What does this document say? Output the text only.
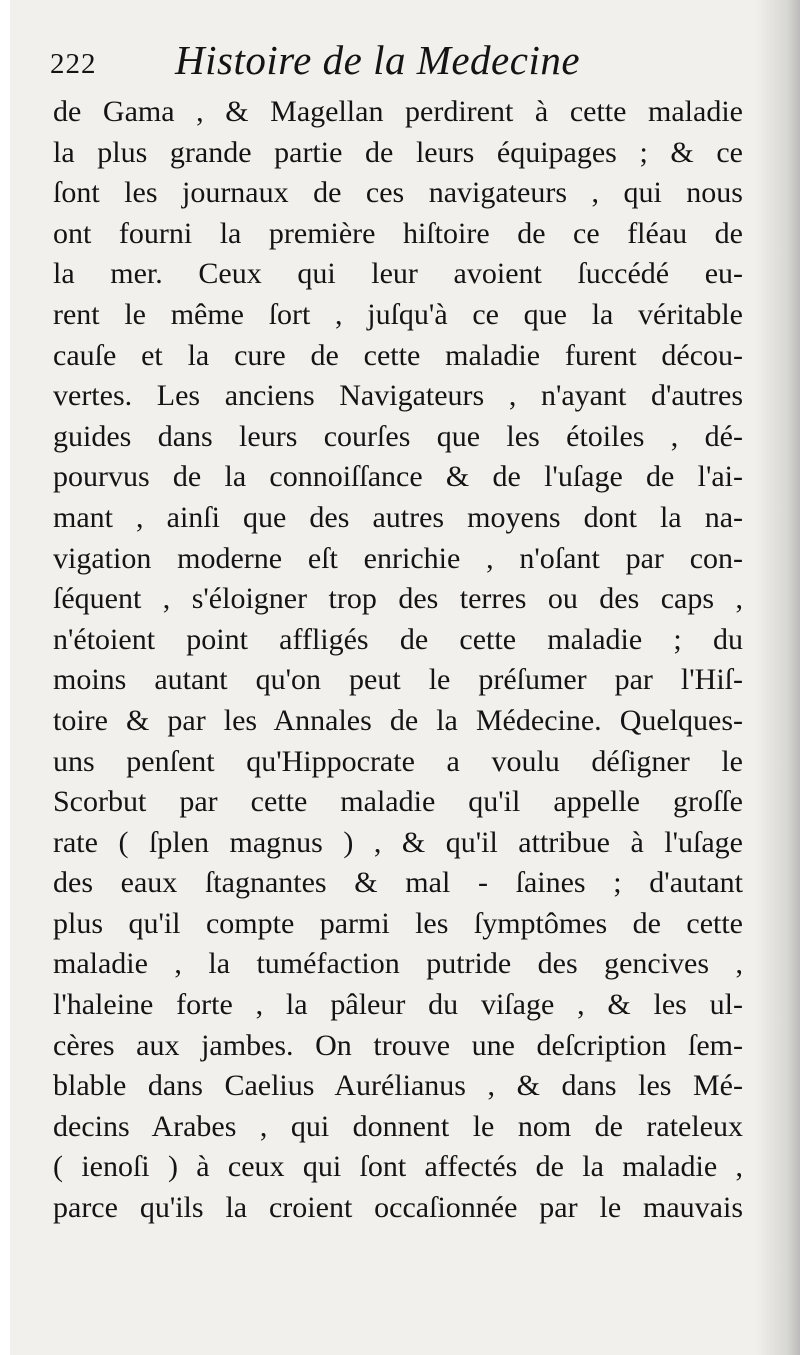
222 Histoire de la Medecine
de Gama , & Magellan perdirent à cette maladie
la plus grande partie de leurs équipages ; & ce
ſont les journaux de ces navigateurs , qui nous
ont fourni la première hiſtoire de ce fléau de
la mer. Ceux qui leur avoient ſuccédé eu-
rent le même ſort , juſqu'à ce que la véritable
cauſe et la cure de cette maladie furent décou-
vertes. Les anciens Navigateurs , n'ayant d'autres
guides dans leurs courſes que les étoiles , dé-
pourvus de la connoiſſance & de l'uſage de l'ai-
mant , ainſi que des autres moyens dont la na-
vigation moderne eſt enrichie , n'oſant par con-
ſéquent , s'éloigner trop des terres ou des caps ,
n'étoient point affligés de cette maladie ; du
moins autant qu'on peut le préſumer par l'Hiſ-
toire & par les Annales de la Médecine. Quelques-
uns penſent qu'Hippocrate a voulu déſigner le
Scorbut par cette maladie qu'il appelle groſſe
rate ( ſplen magnus ) , & qu'il attribue à l'uſage
des eaux ſtagnantes & mal - ſaines ; d'autant
plus qu'il compte parmi les ſymptômes de cette
maladie , la tuméfaction putride des gencives ,
l'haleine forte , la pâleur du viſage , & les ul-
cères aux jambes. On trouve une deſcription ſem-
blable dans Caelius Aurélianus , & dans les Mé-
decins Arabes , qui donnent le nom de rateleux
( ienoſi ) à ceux qui ſont affectés de la maladie ,
parce qu'ils la croient occaſionnée par le mauvais
